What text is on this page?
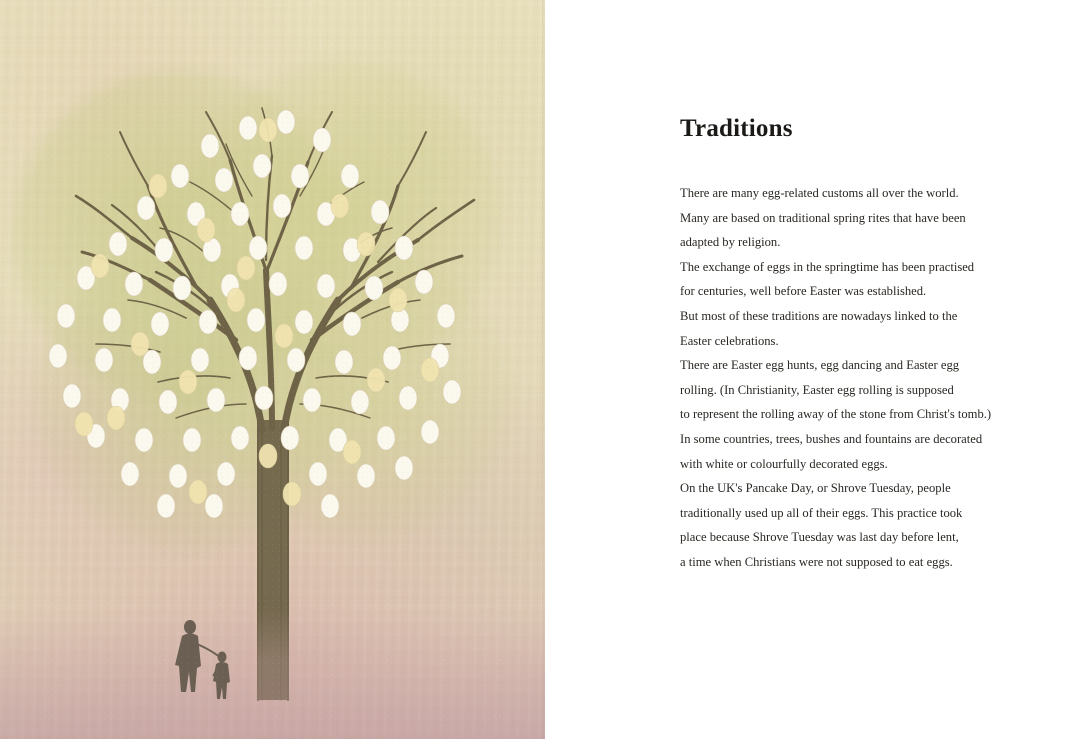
Traditions
There are many egg-related customs all over the world.
Many are based on traditional spring rites that have been
adapted by religion.
The exchange of eggs in the springtime has been practised
for centuries, well before Easter was established.
But most of these traditions are nowadays linked to the
Easter celebrations.
There are Easter egg hunts, egg dancing and Easter egg
rolling. (In Christianity, Easter egg rolling is supposed
to represent the rolling away of the stone from Christ's tomb.)
In some countries, trees, bushes and fountains are decorated
with white or colourfully decorated eggs.
On the UK's Pancake Day, or Shrove Tuesday, people
traditionally used up all of their eggs. This practice took
place because Shrove Tuesday was last day before lent,
a time when Christians were not supposed to eat eggs.
